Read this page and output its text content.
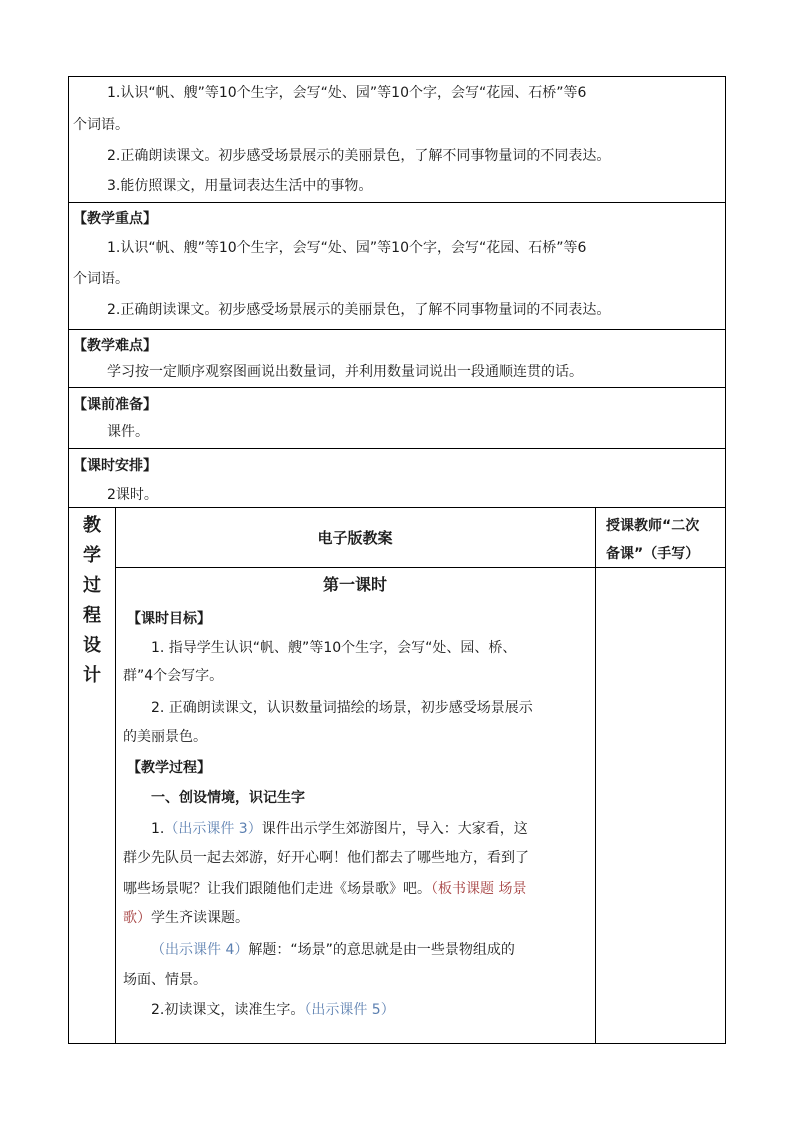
1.认识“帆、艘”等10个生字，会写“处、园”等10个字，会写“花园、石桥”等6
个词语。
2.正确朗读课文。初步感受场景展示的美丽景色，了解不同事物量词的不同表达。
3.能仿照课文，用量词表达生活中的事物。
【教学重点】
1.认识“帆、艘”等10个生字，会写“处、园”等10个字，会写“花园、石桥”等6
个词语。
2.正确朗读课文。初步感受场景展示的美丽景色，了解不同事物量词的不同表达。
【教学难点】
学习按一定顺序观察图画说出数量词，并利用数量词说出一段通顺连贯的话。
【课前准备】
课件。
【课时安排】
2课时。
教
学
过
程
设
计
授课教师“二次
备课”（手写）
电子版教案
第一课时
【课时目标】
1. 指导学生认识“帆、艘”等10个生字，会写“处、园、桥、
群”4个会写字。
2. 正确朗读课文，认识数量词描绘的场景，初步感受场景展示
的美丽景色。
【教学过程】
一、创设情境，识记生字
1.（出示课件 3）课件出示学生郊游图片，导入：大家看，这
群少先队员一起去郊游，好开心啊！他们都去了哪些地方，看到了
哪些场景呢？让我们跟随他们走进《场景歌》吧。（板书课题 场景
歌）学生齐读课题。
（出示课件 4）解题：“场景”的意思就是由一些景物组成的
场面、情景。
2.初读课文，读准生字。（出示课件 5）
